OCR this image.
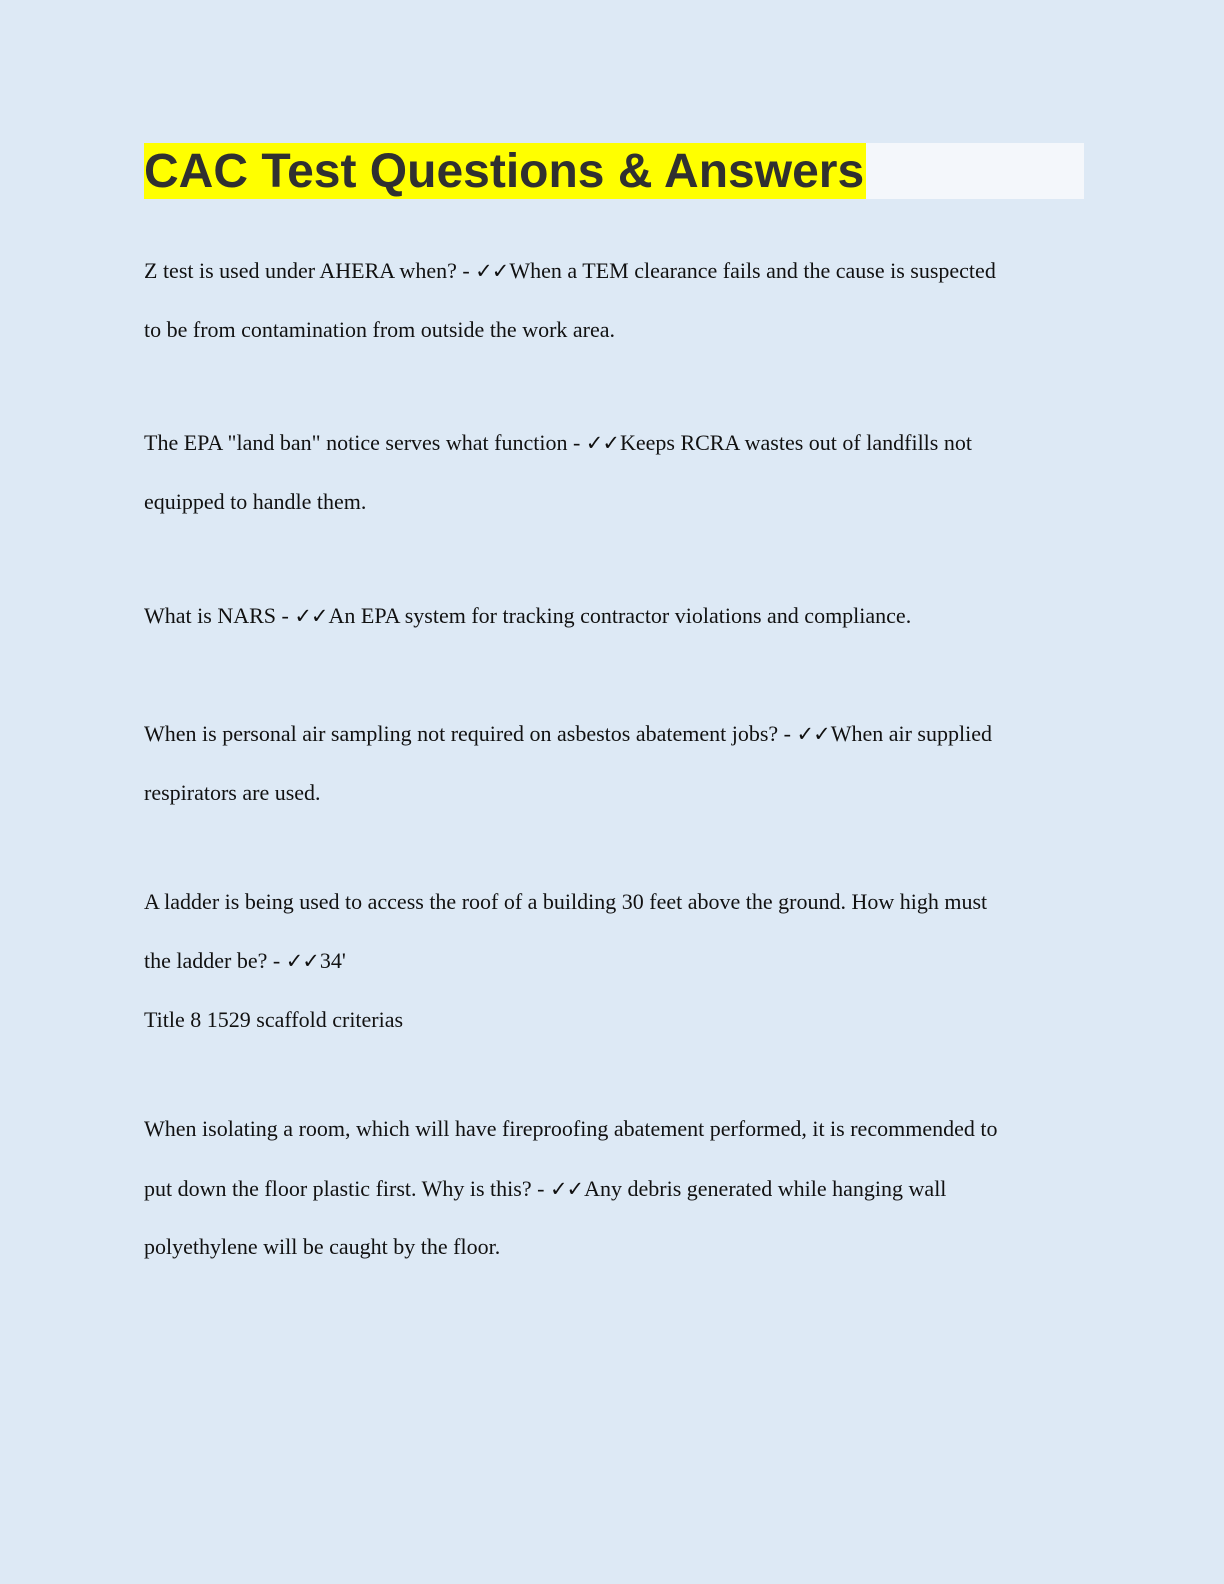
CAC Test Questions & Answers
Z test is used under AHERA when? - ✓✓When a TEM clearance fails and the cause is suspected
to be from contamination from outside the work area.
The EPA "land ban" notice serves what function - ✓✓Keeps RCRA wastes out of landfills not
equipped to handle them.
What is NARS - ✓✓An EPA system for tracking contractor violations and compliance.
When is personal air sampling not required on asbestos abatement jobs? - ✓✓When air supplied
respirators are used.
A ladder is being used to access the roof of a building 30 feet above the ground. How high must
the ladder be? - ✓✓34'
Title 8 1529 scaffold criterias
When isolating a room, which will have fireproofing abatement performed, it is recommended to
put down the floor plastic first. Why is this? - ✓✓Any debris generated while hanging wall
polyethylene will be caught by the floor.
